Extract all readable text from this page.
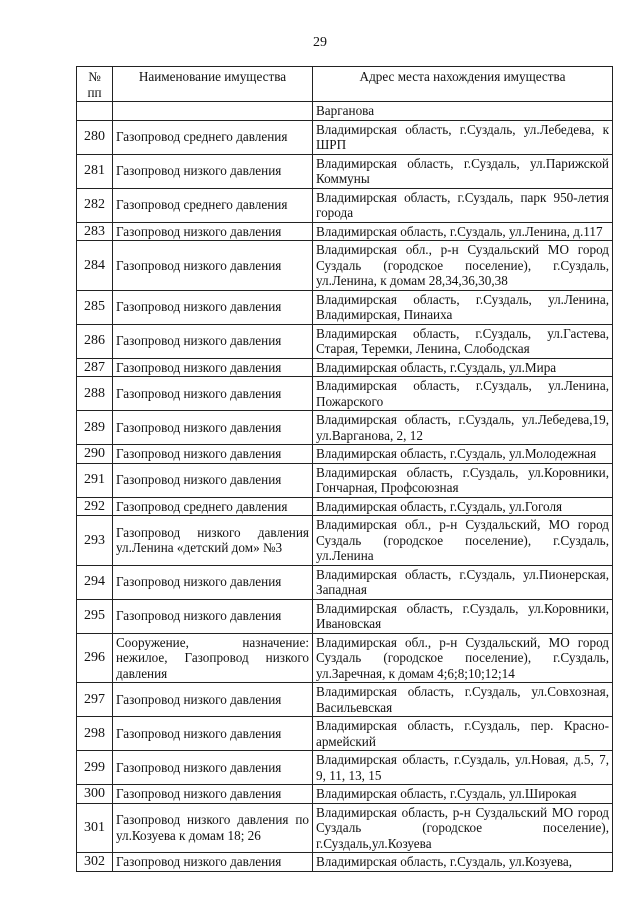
29
№ пп	Наименование имущества	Адрес места нахождения имущества
		Варганова
280	Газопровод среднего давления	Владимирская область, г.Суздаль, ул.Лебедева, к ШРП
281	Газопровод низкого давления	Владимирская область, г.Суздаль, ул.Парижской Коммуны
282	Газопровод среднего давления	Владимирская область, г.Суздаль, парк 950-летия города
283	Газопровод низкого давления	Владимирская область, г.Суздаль, ул.Ленина, д.117
284	Газопровод низкого давления	Владимирская обл., р-н Суздальский МО город Суздаль (городское поселение), г.Суздаль, ул.Ленина, к домам 28,34,36,30,38
285	Газопровод низкого давления	Владимирская область, г.Суздаль, ул.Ленина, Владимирская, Пинаиха
286	Газопровод низкого давления	Владимирская область, г.Суздаль, ул.Гастева, Старая, Теремки, Ленина, Слободская
287	Газопровод низкого давления	Владимирская область, г.Суздаль, ул.Мира
288	Газопровод низкого давления	Владимирская область, г.Суздаль, ул.Ленина, Пожарского
289	Газопровод низкого давления	Владимирская область, г.Суздаль, ул.Лебедева,19, ул.Варганова, 2, 12
290	Газопровод низкого давления	Владимирская область, г.Суздаль, ул.Молодежная
291	Газопровод низкого давления	Владимирская область, г.Суздаль, ул.Коровники, Гончарная, Профсоюзная
292	Газопровод среднего давления	Владимирская область, г.Суздаль, ул.Гоголя
293	Газопровод низкого давления ул.Ленина «детский дом» №3	Владимирская обл., р-н Суздальский, МО город Суздаль (городское поселение), г.Суздаль, ул.Ленина
294	Газопровод низкого давления	Владимирская область, г.Суздаль, ул.Пионерская, Западная
295	Газопровод низкого давления	Владимирская область, г.Суздаль, ул.Коровники, Ивановская
296	Сооружение, назначение: нежилое, Газопровод низкого давления	Владимирская обл., р-н Суздальский, МО город Суздаль (городское поселение), г.Суздаль, ул.Заречная, к домам 4;6;8;10;12;14
297	Газопровод низкого давления	Владимирская область, г.Суздаль, ул.Совхозная, Васильевская
298	Газопровод низкого давления	Владимирская область, г.Суздаль, пер. Красно-армейский
299	Газопровод низкого давления	Владимирская область, г.Суздаль, ул.Новая, д.5, 7, 9, 11, 13, 15
300	Газопровод низкого давления	Владимирская область, г.Суздаль, ул.Широкая
301	Газопровод низкого давления по ул.Козуева к домам 18; 26	Владимирская область, р-н Суздальский МО город Суздаль (городское поселение), г.Суздаль,ул.Козуева
302	Газопровод низкого давления	Владимирская область, г.Суздаль, ул.Козуева,
